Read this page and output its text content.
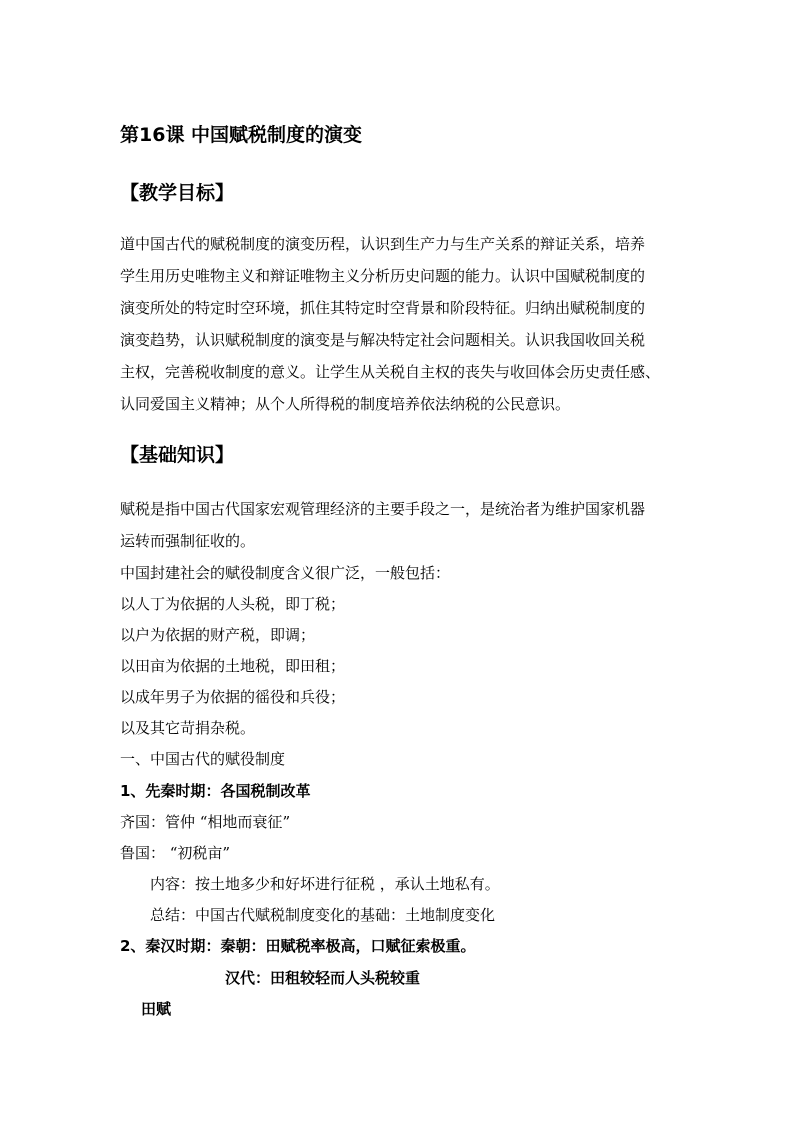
第16课 中国赋税制度的演变
【教学目标】
道中国古代的赋税制度的演变历程，认识到生产力与生产关系的辩证关系，培养
学生用历史唯物主义和辩证唯物主义分析历史问题的能力。认识中国赋税制度的
演变所处的特定时空环境，抓住其特定时空背景和阶段特征。归纳出赋税制度的
演变趋势，认识赋税制度的演变是与解决特定社会问题相关。认识我国收回关税
主权，完善税收制度的意义。让学生从关税自主权的丧失与收回体会历史责任感、
认同爱国主义精神；从个人所得税的制度培养依法纳税的公民意识。
【基础知识】
赋税是指中国古代国家宏观管理经济的主要手段之一，是统治者为维护国家机器
运转而强制征收的。
中国封建社会的赋役制度含义很广泛，一般包括：
以人丁为依据的人头税，即丁税；
以户为依据的财产税，即调；
以田亩为依据的土地税，即田租；
以成年男子为依据的徭役和兵役；
以及其它苛捐杂税。
一、中国古代的赋役制度
1、先秦时期：各国税制改革
齐国：管仲 “相地而衰征”
鲁国： “初税亩”
内容：按土地多少和好坏进行征税 ，承认土地私有。
总结：中国古代赋税制度变化的基础：土地制度变化
2、秦汉时期：秦朝：田赋税率极高，口赋征索极重。
汉代：田租较轻而人头税较重
田赋
